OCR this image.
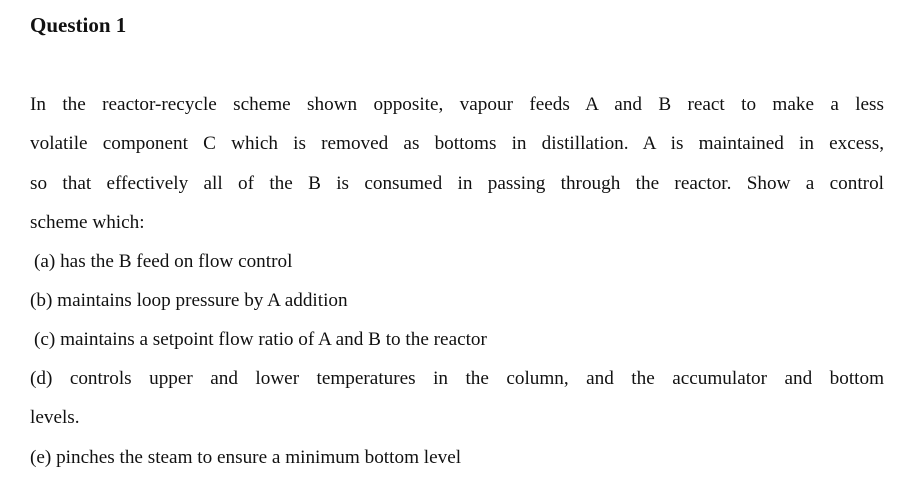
Question 1
In the reactor-recycle scheme shown opposite, vapour feeds A and B react to make a less
volatile component C which is removed as bottoms in distillation. A is maintained in excess,
so that effectively all of the B is consumed in passing through the reactor. Show a control
scheme which:
(a) has the B feed on flow control
(b) maintains loop pressure by A addition
(c) maintains a setpoint flow ratio of A and B to the reactor
(d) controls upper and lower temperatures in the column, and the accumulator and bottom
levels.
(e) pinches the steam to ensure a minimum bottom level
